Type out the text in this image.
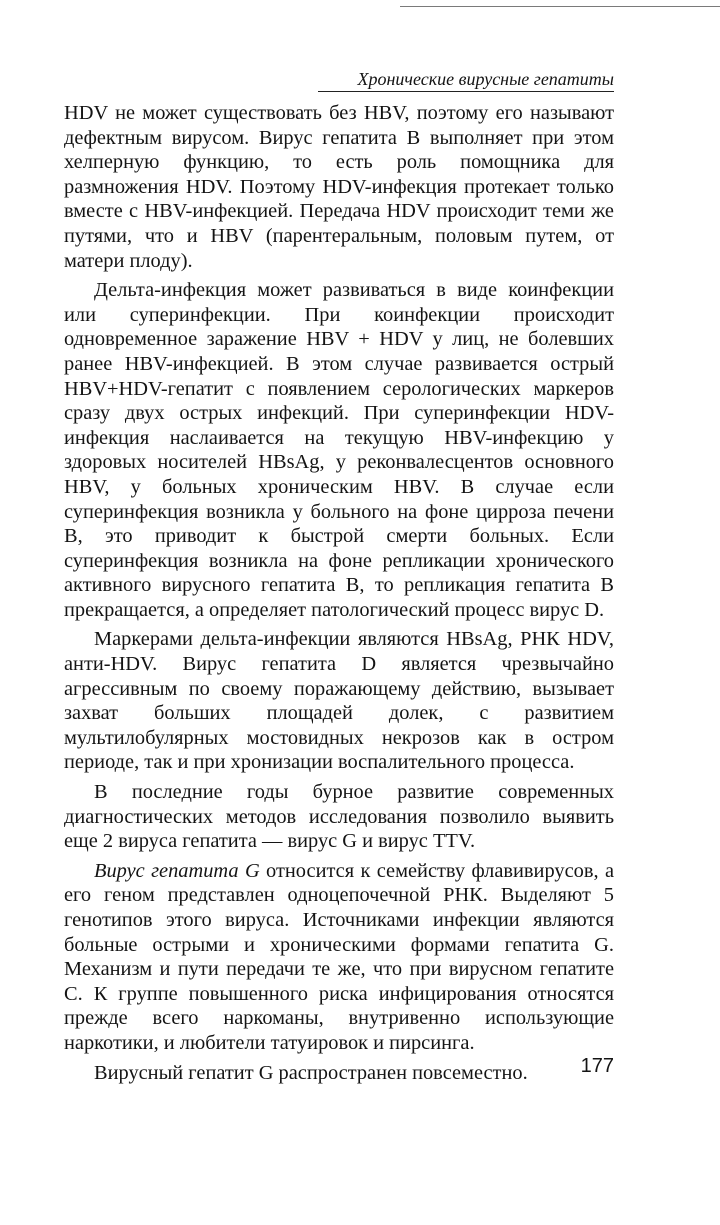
Хронические вирусные гепатиты

HDV не может существовать без HBV, поэтому его называют дефектным вирусом. Вирус гепатита B выполняет при этом хелперную функцию, то есть роль помощника для размножения HDV. Поэтому HDV-инфекция протекает только вместе с HBV-инфекцией. Передача HDV происходит теми же путями, что и HBV (парентеральным, половым путем, от матери плоду).

Дельта-инфекция может развиваться в виде коинфекции или суперинфекции. При коинфекции происходит одновременное заражение HBV + HDV у лиц, не болевших ранее HBV-инфекцией. В этом случае развивается острый HBV+HDV-гепатит с появлением серологических маркеров сразу двух острых инфекций. При суперинфекции HDV-инфекция наслаивается на текущую HBV-инфекцию у здоровых носителей HBsAg, у реконвалесцентов основного HBV, у больных хроническим HBV. В случае если суперинфекция возникла у больного на фоне цирроза печени B, это приводит к быстрой смерти больных. Если суперинфекция возникла на фоне репликации хронического активного вирусного гепатита B, то репликация гепатита B прекращается, а определяет патологический процесс вирус D.

Маркерами дельта-инфекции являются HBsAg, РНК HDV, анти-HDV. Вирус гепатита D является чрезвычайно агрессивным по своему поражающему действию, вызывает захват больших площадей долек, с развитием мультилобулярных мостовидных некрозов как в остром периоде, так и при хронизации воспалительного процесса.

В последние годы бурное развитие современных диагностических методов исследования позволило выявить еще 2 вируса гепатита — вирус G и вирус TTV.

Вирус гепатита G относится к семейству флавивирусов, а его геном представлен одноцепочечной РНК. Выделяют 5 генотипов этого вируса. Источниками инфекции являются больные острыми и хроническими формами гепатита G. Механизм и пути передачи те же, что при вирусном гепатите C. К группе повышенного риска инфицирования относятся прежде всего наркоманы, внутривенно использующие наркотики, и любители татуировок и пирсинга.

Вирусный гепатит G распространен повсеместно.	177
